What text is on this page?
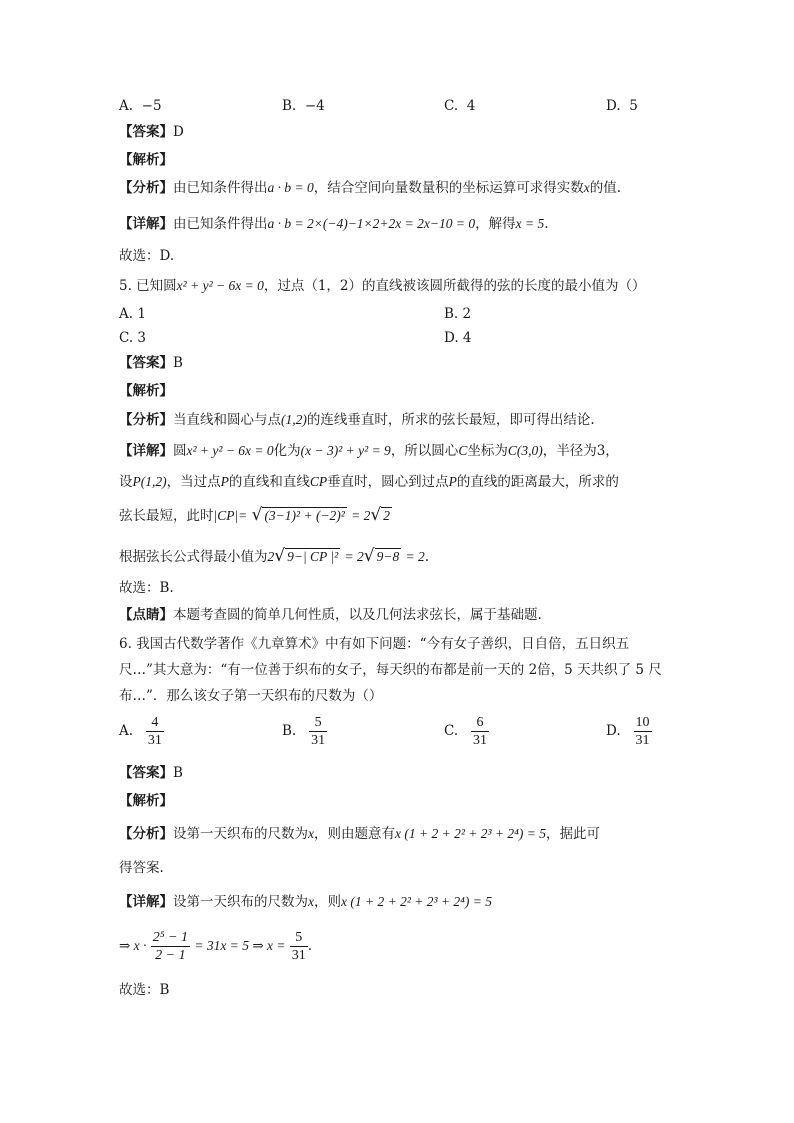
A. −5	B. −4	C. 4	D. 5
【答案】D
【解析】
【分析】由已知条件得出a · b = 0，结合空间向量数量积的坐标运算可求得实数x的值.
【详解】由已知条件得出a · b = 2×(−4)−1×2+2x = 2x−10 = 0，解得x = 5.
故选：D.
5. 已知圆x² + y² − 6x = 0，过点（1，2）的直线被该圆所截得的弦的长度的最小值为（）
A. 1	B. 2
C. 3	D. 4
【答案】B
【解析】
【分析】当直线和圆心与点(1,2)的连线垂直时，所求的弦长最短，即可得出结论.
【详解】圆x² + y² − 6x = 0化为(x − 3)² + y² = 9，所以圆心C坐标为C(3,0)，半径为3，
设P(1,2)，当过点P的直线和直线CP垂直时，圆心到过点P的直线的距离最大，所求的
弦长最短，此时|CP|= √ (3−1)² + (−2)² = 2√ 2
根据弦长公式得最小值为2√ 9−| CP |² = 2√ 9−8 = 2.
故选：B.
【点睛】本题考查圆的简单几何性质，以及几何法求弦长，属于基础题.
6. 我国古代数学著作《九章算术》中有如下问题：“今有女子善织，日自倍，五日织五
尺…”其大意为：“有一位善于织布的女子，每天织的布都是前一天的 2倍，5 天共织了 5 尺
布…”．那么该女子第一天织布的尺数为（）
A. $\frac{4}{31}$	B. $\frac{5}{31}$	C. $\frac{6}{31}$	D. $\frac{10}{31}$
【答案】B
【解析】
【分析】设第一天织布的尺数为x，则由题意有x (1 + 2 + 2² + 2³ + 2⁴) = 5，据此可
得答案.
【详解】设第一天织布的尺数为x，则x (1 + 2 + 2² + 2³ + 2⁴) = 5
⇒ $x \cdot \frac{\text{2⁵ − 1}}{2 - 1} = 31x = 5$ ⇒ $x = \frac{5}{31}$ .
故选：B
